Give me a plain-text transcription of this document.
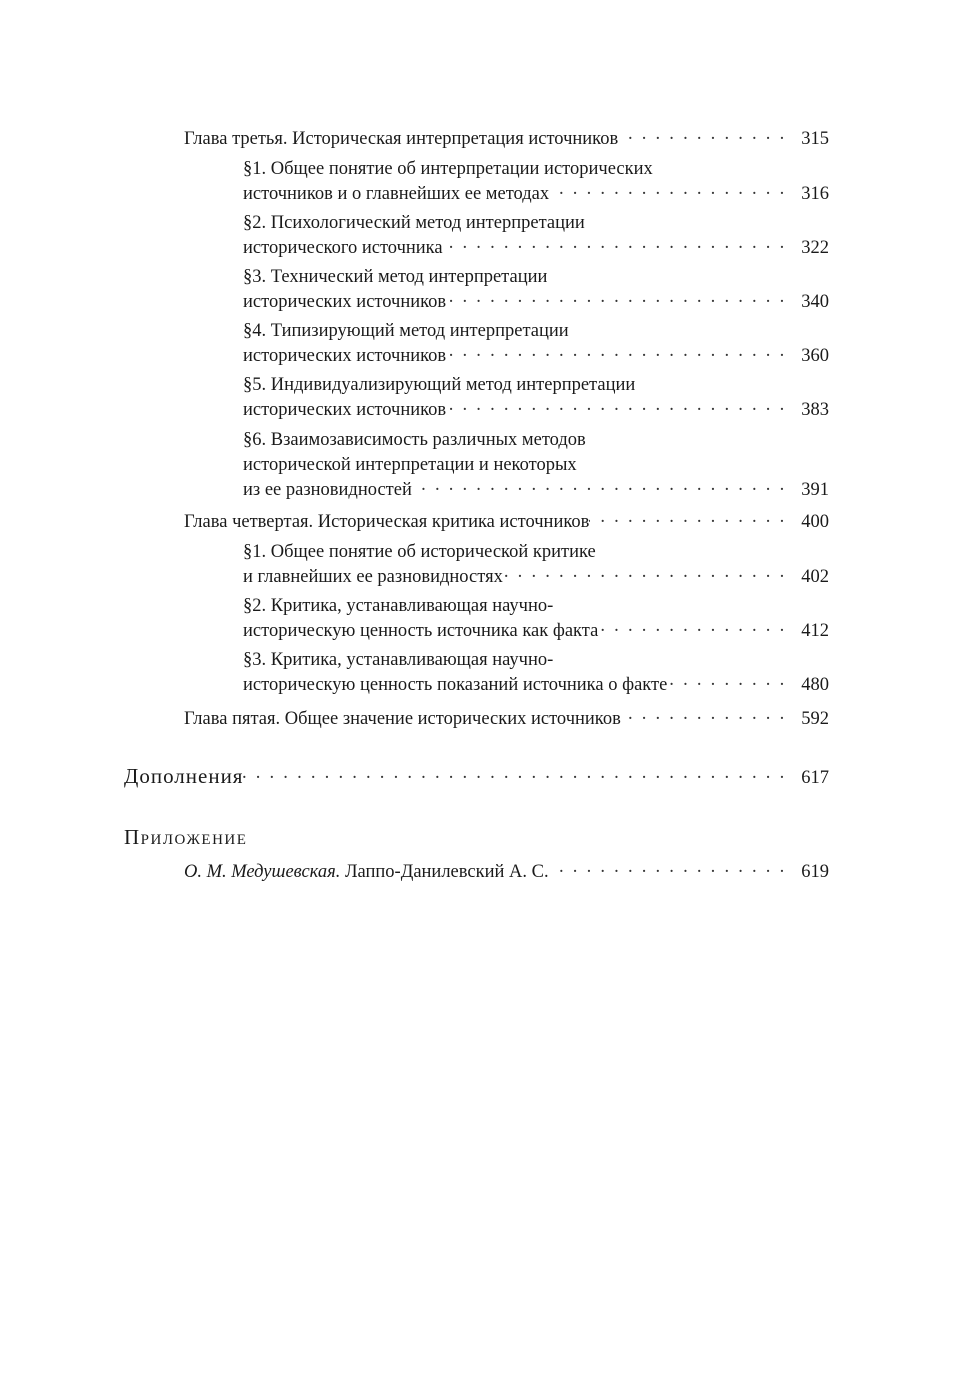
Глава третья. Историческая интерпретация источников · · ·	315
§1. Общее понятие об интерпретации исторических
источников и о главнейших ее методах · · ·	316
§2. Психологический метод интерпретации
исторического источника · · ·	322
§3. Технический метод интерпретации
исторических источников · · ·	340
§4. Типизирующий метод интерпретации
исторических источников · · ·	360
§5. Индивидуализирующий метод интерпретации
исторических источников · · ·	383
§6. Взаимозависимость различных методов
исторической интерпретации и некоторых
из ее разновидностей · · ·	391
Глава четвертая. Историческая критика источников · · ·	400
§1. Общее понятие об исторической критике
и главнейших ее разновидностях · · ·	402
§2. Критика, устанавливающая научно-
историческую ценность источника как факта · · ·	412
§3. Критика, устанавливающая научно-
историческую ценность показаний источника о факте · · ·	480
Глава пятая. Общее значение исторических источников · · ·	592
Дополнения · · ·	617
Приложение
О. М. Медушевская. Лаппо-Данилевский А. С. · · ·	619
